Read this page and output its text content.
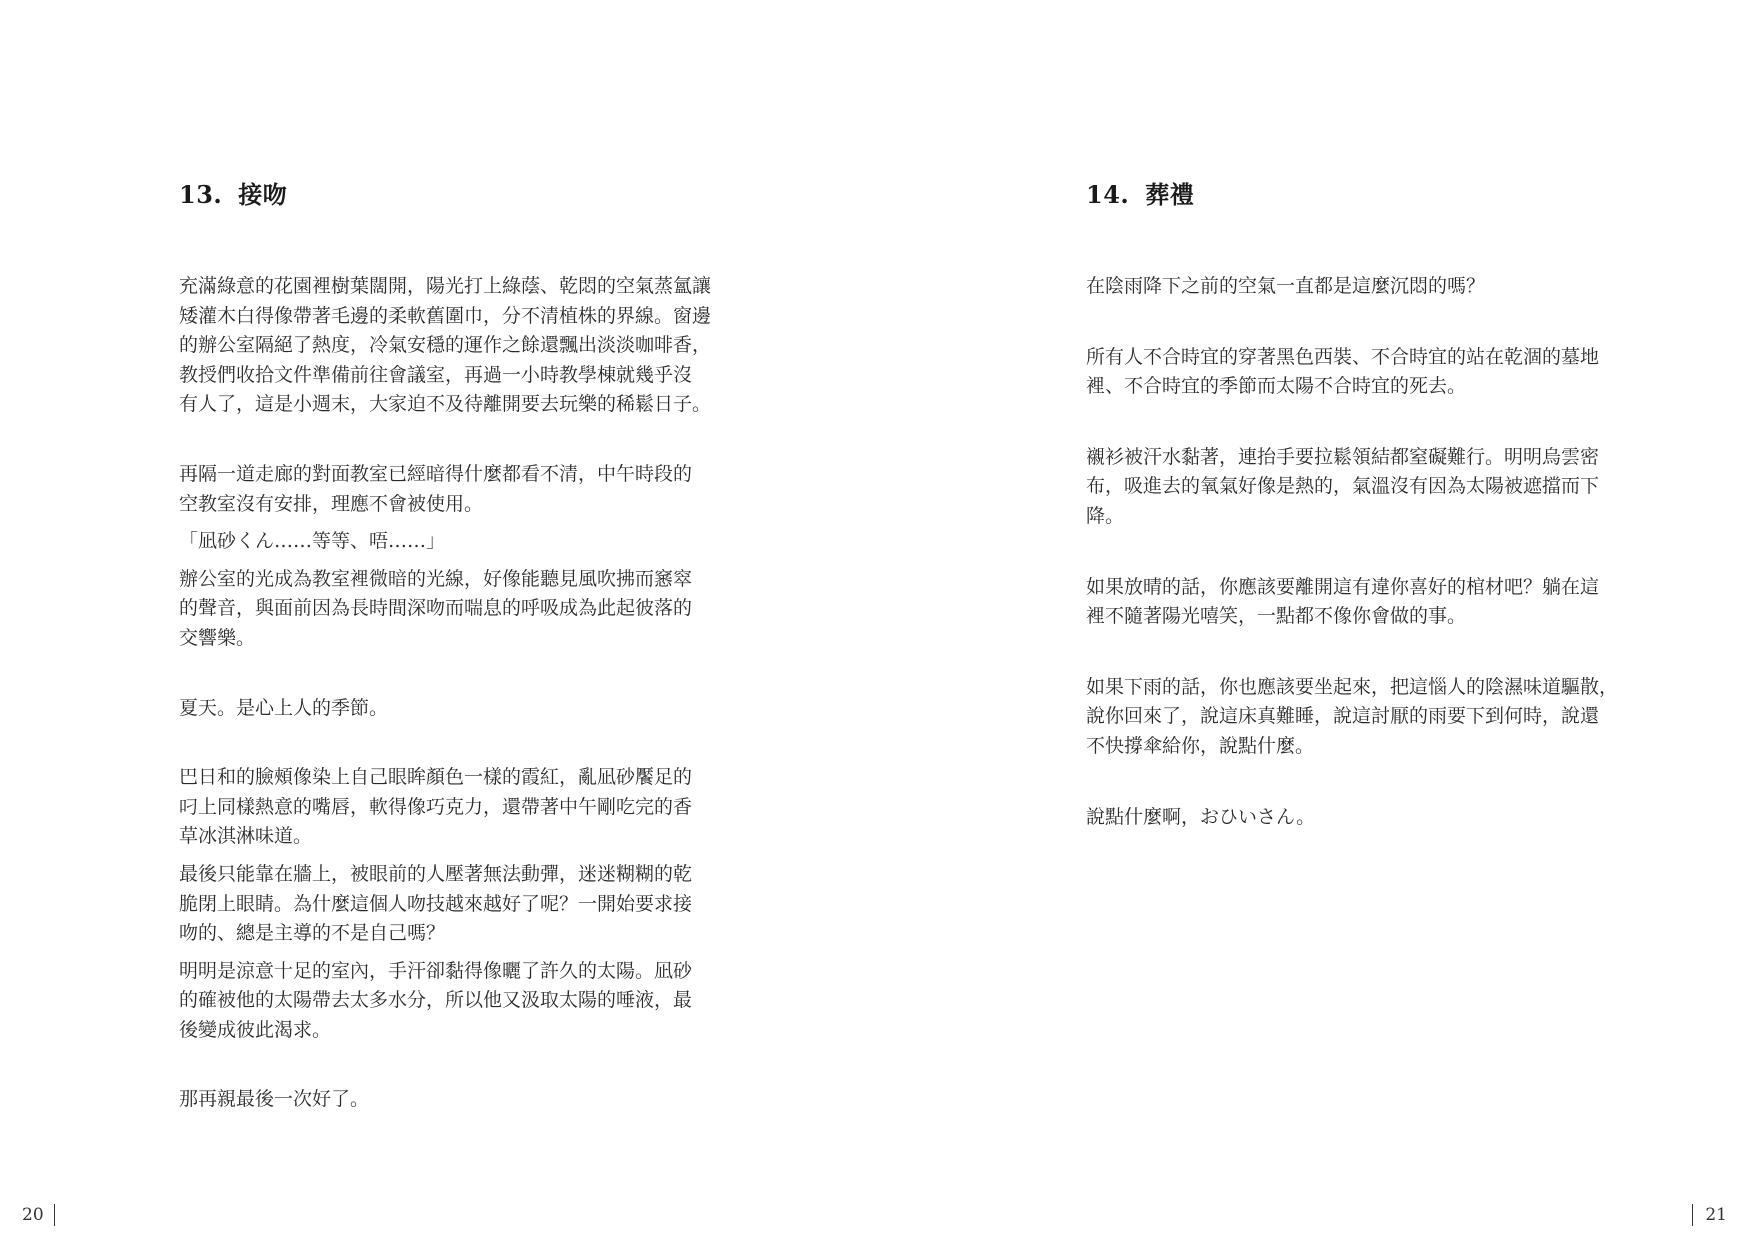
13. 接吻

充滿綠意的花園裡樹葉闊開，陽光打上綠蔭、乾悶的空氣蒸氳讓
矮灌木白得像帶著毛邊的柔軟舊圍巾，分不清植株的界線。窗邊
的辦公室隔絕了熱度，冷氣安穩的運作之餘還飄出淡淡咖啡香，
教授們收拾文件準備前往會議室，再過一小時教學棟就幾乎沒
有人了，這是小週末，大家迫不及待離開要去玩樂的稀鬆日子。

再隔一道走廊的對面教室已經暗得什麼都看不清，中午時段的
空教室沒有安排，理應不會被使用。

「凪砂くん……等等、唔……」

辦公室的光成為教室裡微暗的光線，好像能聽見風吹拂而窸窣
的聲音，與面前因為長時間深吻而喘息的呼吸成為此起彼落的
交響樂。

夏天。是心上人的季節。

巴日和的臉頰像染上自己眼眸顏色一樣的霞紅，亂凪砂饜足的
叼上同樣熱意的嘴唇，軟得像巧克力，還帶著中午剛吃完的香
草冰淇淋味道。

最後只能靠在牆上，被眼前的人壓著無法動彈，迷迷糊糊的乾
脆閉上眼睛。為什麼這個人吻技越來越好了呢？一開始要求接
吻的、總是主導的不是自己嗎？

明明是涼意十足的室內，手汗卻黏得像曬了許久的太陽。凪砂
的確被他的太陽帶去太多水分，所以他又汲取太陽的唾液，最
後變成彼此渴求。

那再親最後一次好了。

20
14. 葬禮

在陰雨降下之前的空氣一直都是這麼沉悶的嗎？

所有人不合時宜的穿著黑色西裝、不合時宜的站在乾涸的墓地
裡、不合時宜的季節而太陽不合時宜的死去。

襯衫被汗水黏著，連抬手要拉鬆領結都窒礙難行。明明烏雲密
布，吸進去的氧氣好像是熱的，氣溫沒有因為太陽被遮擋而下
降。

如果放晴的話，你應該要離開這有違你喜好的棺材吧？躺在這
裡不隨著陽光嘻笑，一點都不像你會做的事。

如果下雨的話，你也應該要坐起來，把這惱人的陰濕味道驅散，
說你回來了，說這床真難睡，說這討厭的雨要下到何時，說還
不快撐傘給你，說點什麼。

說點什麼啊，おひいさん。

21
